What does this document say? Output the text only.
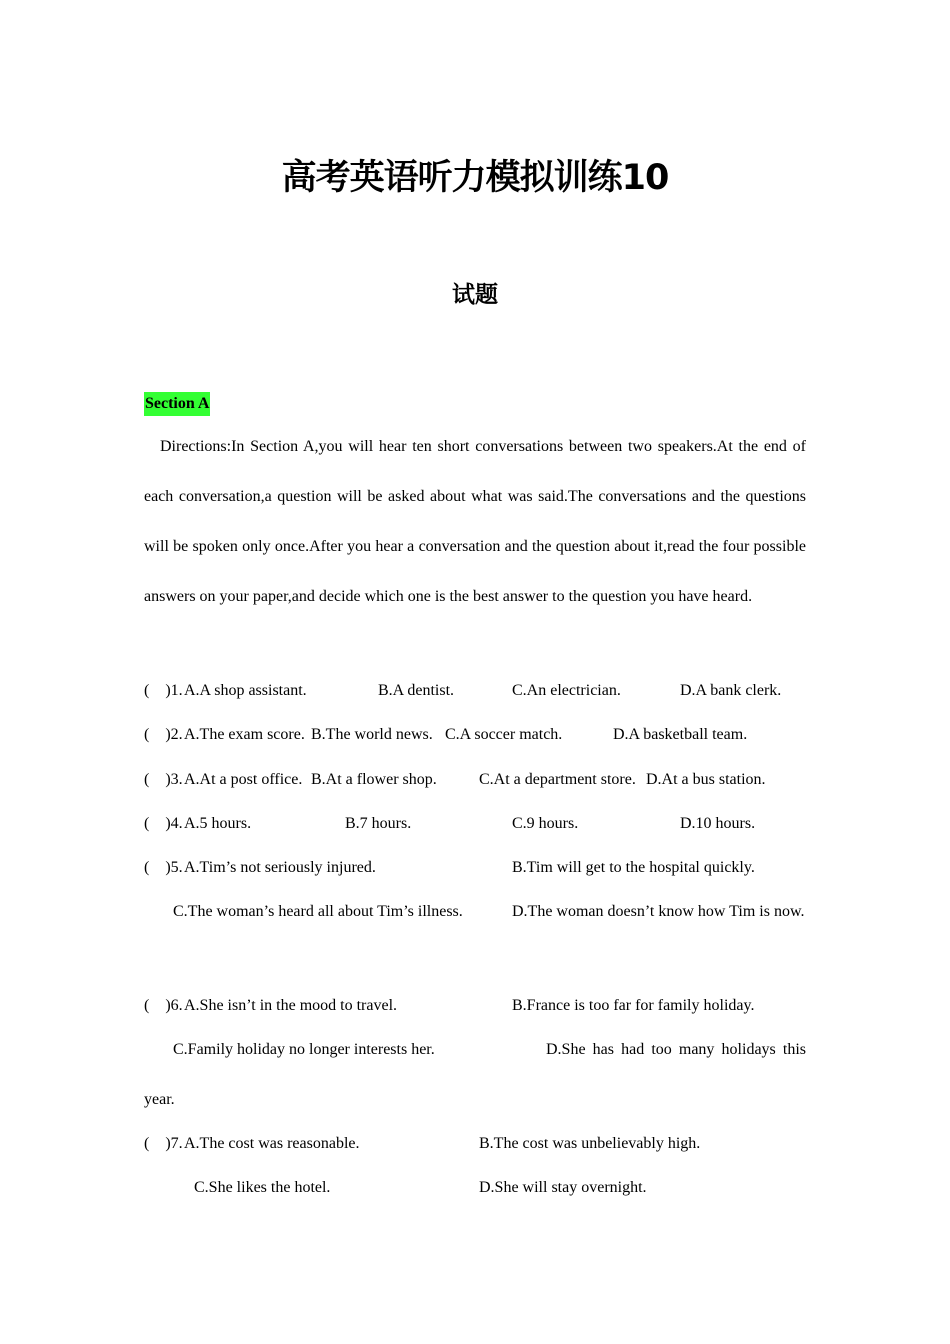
高考英语听力模拟训练10
试题
Section A

Directions:In Section A,you will hear ten short conversations between two speakers.At the end of each conversation,a question will be asked about what was said.The conversations and the questions will be spoken only once.After you hear a conversation and the question about it,read the four possible answers on your paper,and decide which one is the best answer to the question you have heard.

(    )1. A.A shop assistant.	B.A dentist.	C.An electrician.	D.A bank clerk.
(    )2. A.The exam score. B.The world news. C.A soccer match.	D.A basketball team.
(    )3. A.At a post office. B.At a flower shop.	C.At a department store. D.At a bus station.
(    )4. A.5 hours.	B.7 hours.	C.9 hours.	D.10 hours.
(    )5. A.Tim’s not seriously injured.	B.Tim will get to the hospital quickly.
C.The woman’s heard all about Tim’s illness.	D.The woman doesn’t know how Tim is now.

(    )6. A.She isn’t in the mood to travel.	B.France is too far for family holiday.
C.Family holiday no longer interests her.	D.She has had too many holidays this year.

(    )7. A.The cost was reasonable.	B.The cost was unbelievably high.
C.She likes the hotel.	D.She will stay overnight.
